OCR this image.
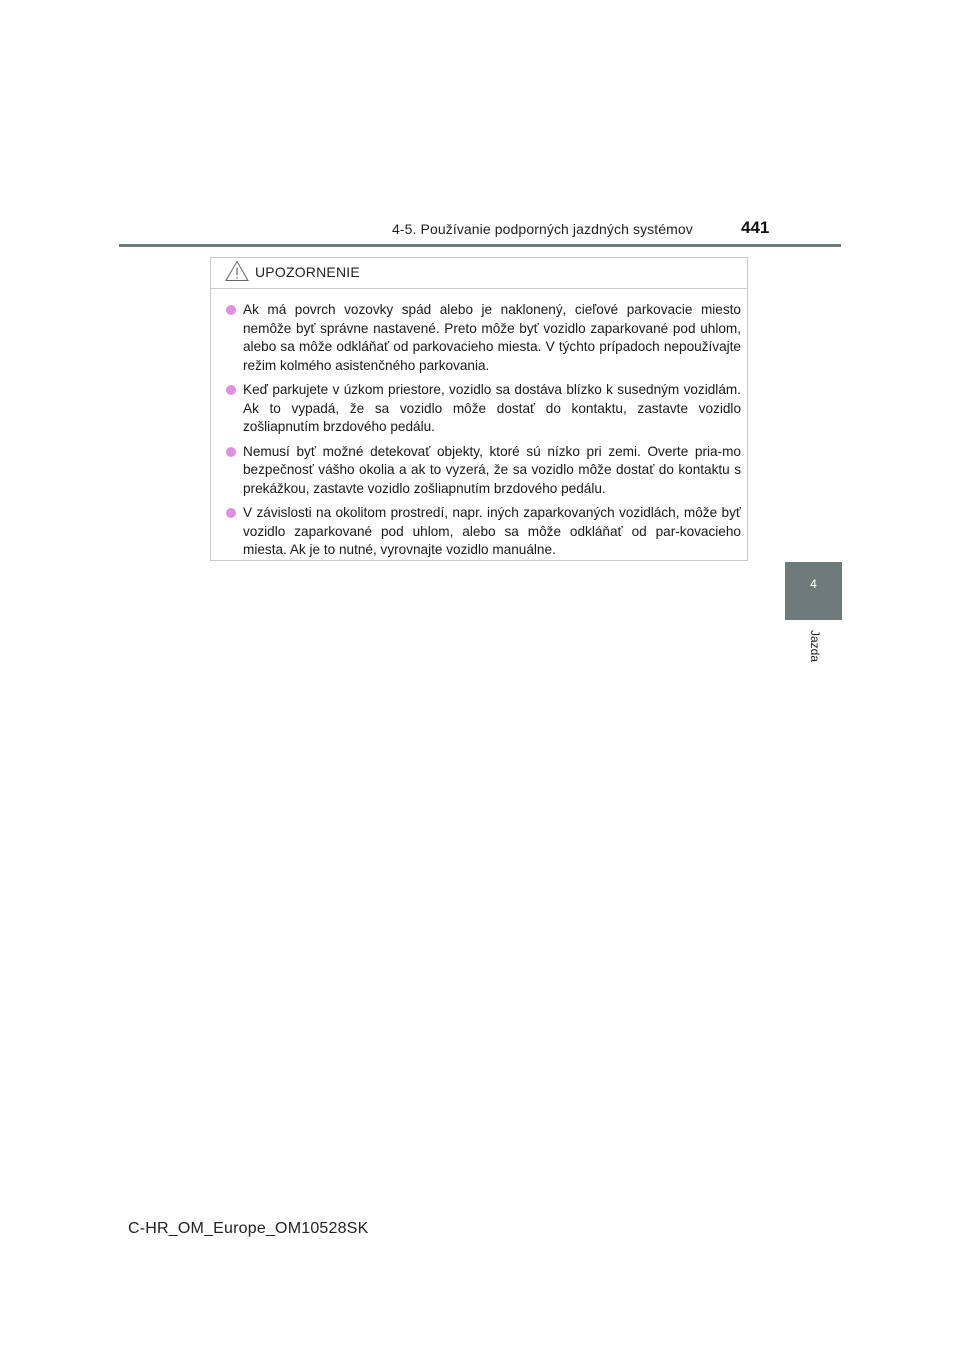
4-5. Používanie podporných jazdných systémov	441
4
Jazda
UPOZORNENIE
Ak má povrch vozovky spád alebo je naklonený, cieľové parkovacie miesto nemôže byť správne nastavené. Preto môže byť vozidlo zaparkované pod uhlom, alebo sa môže odkláňať od parkovacieho miesta. V týchto prípadoch nepoužívajte režim kolmého asistenčného parkovania.
Keď parkujete v úzkom priestore, vozidlo sa dostáva blízko k susedným vozidlám. Ak to vypadá, že sa vozidlo môže dostať do kontaktu, zastavte vozidlo zošliapnutím brzdového pedálu.
Nemusí byť možné detekovať objekty, ktoré sú nízko pri zemi. Overte pria-mo bezpečnosť vášho okolia a ak to vyzerá, že sa vozidlo môže dostať do kontaktu s prekážkou, zastavte vozidlo zošliapnutím brzdového pedálu.
V závislosti na okolitom prostredí, napr. iných zaparkovaných vozidlách, môže byť vozidlo zaparkované pod uhlom, alebo sa môže odkláňať od par-kovacieho miesta. Ak je to nutné, vyrovnajte vozidlo manuálne.
C-HR_OM_Europe_OM10528SK
